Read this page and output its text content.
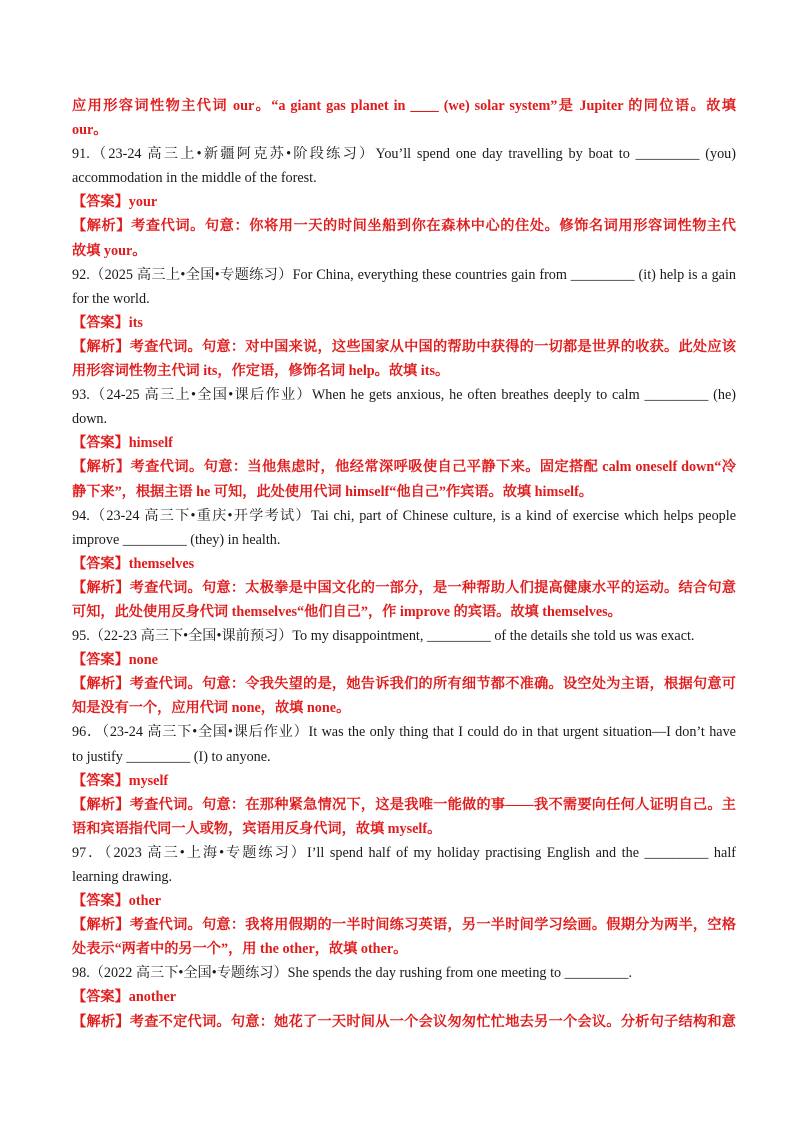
应用形容词性物主代词 our。“a giant gas planet in ____ (we) solar system”是 Jupiter 的同位语。故填
our。
91.（23-24 高三上•新疆阿克苏•阶段练习）You’ll spend one day travelling by boat to _________ (you)
accommodation in the middle of the forest.
【答案】your
【解析】考查代词。句意：你将用一天的时间坐船到你在森林中心的住处。修饰名词用形容词性物主代
故填 your。
92.（2025 高三上•全国•专题练习）For China, everything these countries gain from _________ (it) help is a gain
for the world.
【答案】its
【解析】考查代词。句意：对中国来说，这些国家从中国的帮助中获得的一切都是世界的收获。此处应该
用形容词性物主代词 its，作定语，修饰名词 help。故填 its。
93.（24-25 高三上•全国•课后作业）When he gets anxious, he often breathes deeply to calm _________ (he)
down.
【答案】himself
【解析】考查代词。句意：当他焦虑时，他经常深呼吸使自己平静下来。固定搭配 calm oneself down“冷
静下来”，根据主语 he 可知，此处使用代词 himself“他自己”作宾语。故填 himself。
94.（23-24 高三下•重庆•开学考试）Tai chi, part of Chinese culture, is a kind of exercise which helps people
improve _________ (they) in health.
【答案】themselves
【解析】考查代词。句意：太极拳是中国文化的一部分，是一种帮助人们提高健康水平的运动。结合句意
可知，此处使用反身代词 themselves“他们自己”，作 improve 的宾语。故填 themselves。
95.（22-23 高三下•全国•课前预习）To my disappointment, _________ of the details she told us was exact.
【答案】none
【解析】考查代词。句意：令我失望的是，她告诉我们的所有细节都不准确。设空处为主语，根据句意可
知是没有一个，应用代词 none，故填 none。
96．（23-24 高三下•全国•课后作业）It was the only thing that I could do in that urgent situation—I don’t have
to justify _________ (I) to anyone.
【答案】myself
【解析】考查代词。句意：在那种紧急情况下，这是我唯一能做的事——我不需要向任何人证明自己。主
语和宾语指代同一人或物，宾语用反身代词，故填 myself。
97．（2023 高三•上海•专题练习）I’ll spend half of my holiday practising English and the _________ half
learning drawing.
【答案】other
【解析】考查代词。句意：我将用假期的一半时间练习英语，另一半时间学习绘画。假期分为两半，空格
处表示“两者中的另一个”，用 the other，故填 other。
98.（2022 高三下•全国•专题练习）She spends the day rushing from one meeting to _________.
【答案】another
【解析】考查不定代词。句意：她花了一天时间从一个会议匆匆忙忙地去另一个会议。分析句子结构和意
